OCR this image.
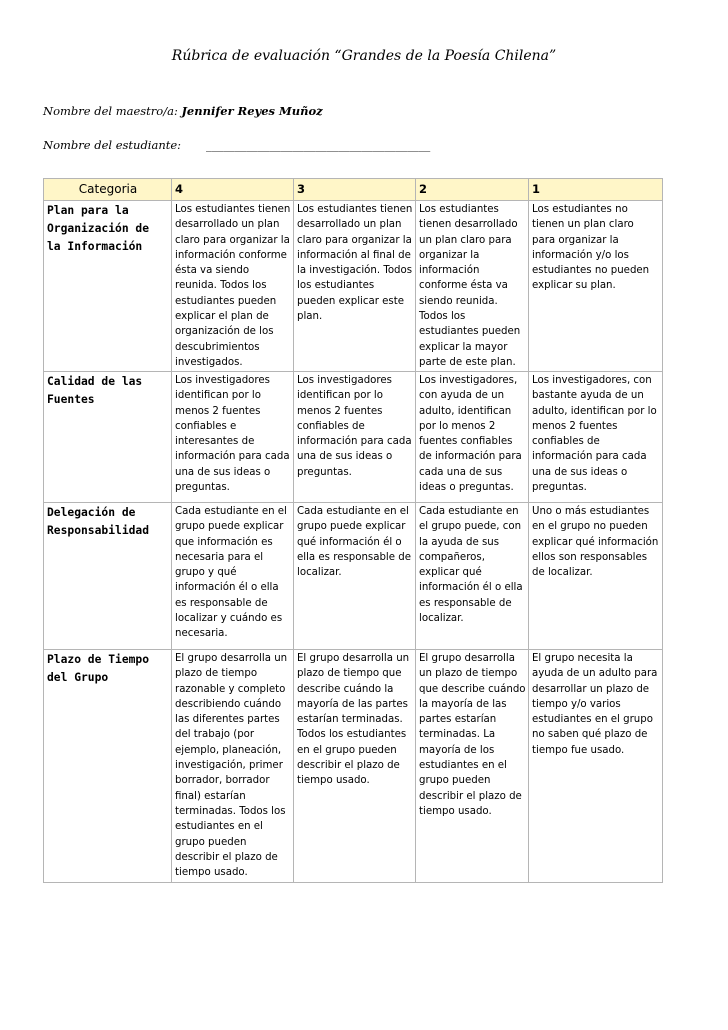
Rúbrica de evaluación “Grandes de la Poesía Chilena”
Nombre del maestro/a: Jennifer Reyes Muñoz
Nombre del estudiante: _______________________________________
Categoria	4	3	2	1
Plan para la Organización de la Información	Los estudiantes tienen desarrollado un plan claro para organizar la información conforme ésta va siendo reunida. Todos los estudiantes pueden explicar el plan de organización de los descubrimientos investigados.	Los estudiantes tienen desarrollado un plan claro para organizar la información al final de la investigación. Todos los estudiantes pueden explicar este plan.	Los estudiantes tienen desarrollado un plan claro para organizar la información conforme ésta va siendo reunida. Todos los estudiantes pueden explicar la mayor parte de este plan.	Los estudiantes no tienen un plan claro para organizar la información y/o los estudiantes no pueden explicar su plan.
Calidad de las Fuentes	Los investigadores identifican por lo menos 2 fuentes confiables e interesantes de información para cada una de sus ideas o preguntas.	Los investigadores identifican por lo menos 2 fuentes confiables de información para cada una de sus ideas o preguntas.	Los investigadores, con ayuda de un adulto, identifican por lo menos 2 fuentes confiables de información para cada una de sus ideas o preguntas.	Los investigadores, con bastante ayuda de un adulto, identifican por lo menos 2 fuentes confiables de información para cada una de sus ideas o preguntas.
Delegación de Responsabilidad	Cada estudiante en el grupo puede explicar que información es necesaria para el grupo y qué información él o ella es responsable de localizar y cuándo es necesaria.	Cada estudiante en el grupo puede explicar qué información él o ella es responsable de localizar.	Cada estudiante en el grupo puede, con la ayuda de sus compañeros, explicar qué información él o ella es responsable de localizar.	Uno o más estudiantes en el grupo no pueden explicar qué información ellos son responsables de localizar.
Plazo de Tiempo del Grupo	El grupo desarrolla un plazo de tiempo razonable y completo describiendo cuándo las diferentes partes del trabajo (por ejemplo, planeación, investigación, primer borrador, borrador final) estarían terminadas. Todos los estudiantes en el grupo pueden describir el plazo de tiempo usado.	El grupo desarrolla un plazo de tiempo que describe cuándo la mayoría de las partes estarían terminadas. Todos los estudiantes en el grupo pueden describir el plazo de tiempo usado.	El grupo desarrolla un plazo de tiempo que describe cuándo la mayoría de las partes estarían terminadas. La mayoría de los estudiantes en el grupo pueden describir el plazo de tiempo usado.	El grupo necesita la ayuda de un adulto para desarrollar un plazo de tiempo y/o varios estudiantes en el grupo no saben qué plazo de tiempo fue usado.
